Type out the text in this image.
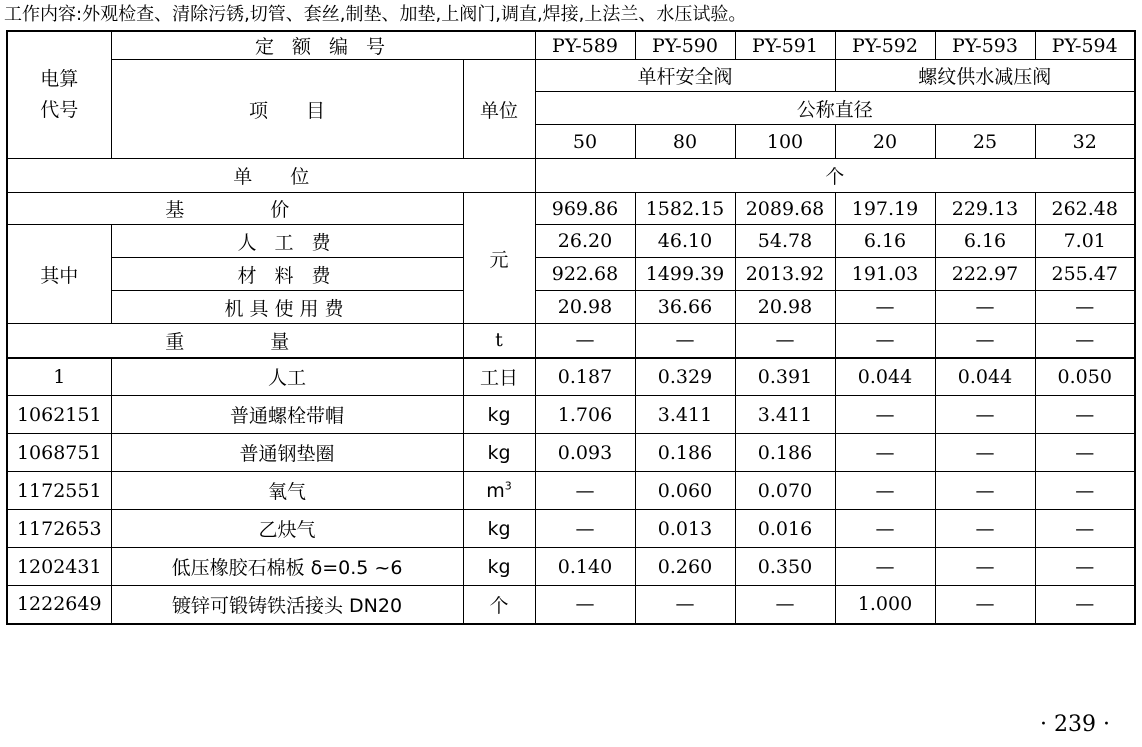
工作内容:外观检查、清除污锈,切管、套丝,制垫、加垫,上阀门,调直,焊接,上法兰、水压试验。
电算
代号	定 额 编 号		PY-589	PY-590	PY-591	PY-592	PY-593	PY-594
	项　　目	单位	单杆安全阀			螺纹供水减压阀		
			公称直径					
			50	80	100	20	25	32
单　　位			个					
基　　价		元	969.86	1582.15	2089.68	197.19	229.13	262.48
其中	人 工 费		26.20	46.10	54.78	6.16	6.16	7.01
	材 料 费		922.68	1499.39	2013.92	191.03	222.97	255.47
	机具使用费		20.98	36.66	20.98	—	—	—
重　　量		t	—	—	—	—	—	—
1	人工	工日	0.187	0.329	0.391	0.044	0.044	0.050
1062151	普通螺栓带帽	kg	1.706	3.411	3.411	—	—	—
1068751	普通钢垫圈	kg	0.093	0.186	0.186	—	—	—
1172551	氧气	$m^3$	—	0.060	0.070	—	—	—
1172653	乙炔气	kg	—	0.013	0.016	—	—	—
1202431	低压橡胶石棉板 δ=0.5 ~6	kg	0.140	0.260	0.350	—	—	—
1222649	镀锌可锻铸铁活接头 DN20	个	—	—	—	1.000	—	—
· 239 ·
